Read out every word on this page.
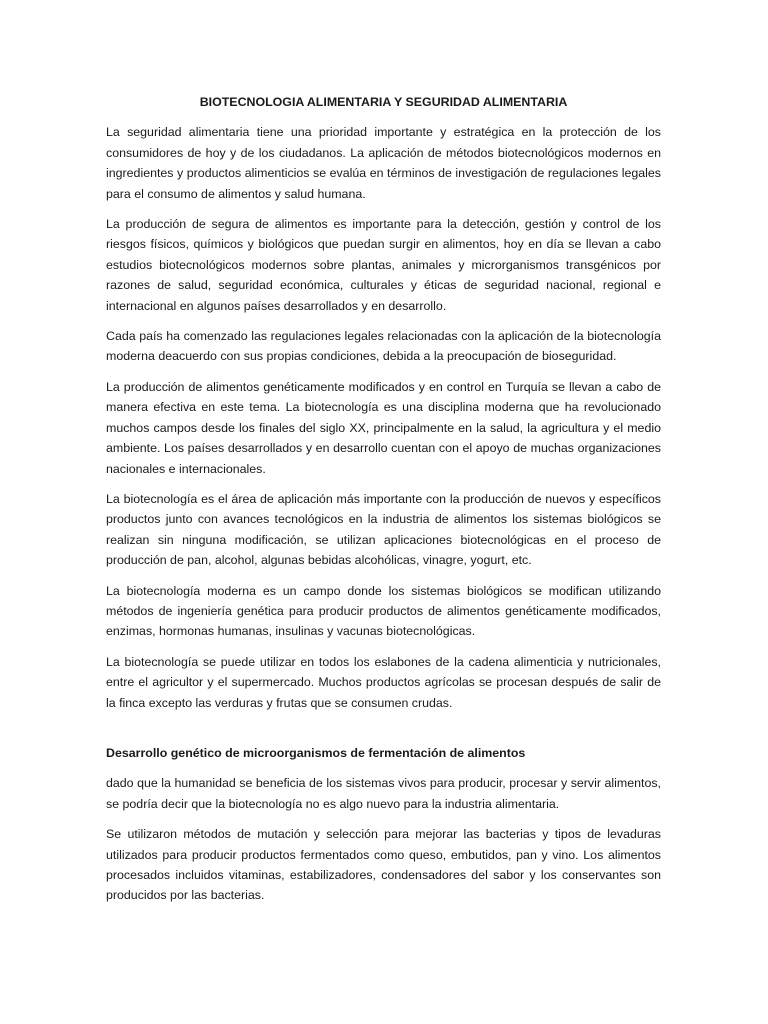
BIOTECNOLOGIA ALIMENTARIA Y SEGURIDAD ALIMENTARIA

La seguridad alimentaria tiene una prioridad importante y estratégica en la protección de los consumidores de hoy y de los ciudadanos. La aplicación de métodos biotecnológicos modernos en ingredientes y productos alimenticios se evalúa en términos de investigación de regulaciones legales para el consumo de alimentos y salud humana.

La producción de segura de alimentos es importante para la detección, gestión y control de los riesgos físicos, químicos y biológicos que puedan surgir en alimentos, hoy en día se llevan a cabo estudios biotecnológicos modernos sobre plantas, animales y microrganismos transgénicos por razones de salud, seguridad económica, culturales y éticas de seguridad nacional, regional e internacional en algunos países desarrollados y en desarrollo.

Cada país ha comenzado las regulaciones legales relacionadas con la aplicación de la biotecnología moderna deacuerdo con sus propias condiciones, debida a la preocupación de bioseguridad.

La producción de alimentos genéticamente modificados y en control en Turquía se llevan a cabo de manera efectiva en este tema. La biotecnología es una disciplina moderna que ha revolucionado muchos campos desde los finales del siglo XX, principalmente en la salud, la agricultura y el medio ambiente. Los países desarrollados y en desarrollo cuentan con el apoyo de muchas organizaciones nacionales e internacionales.

La biotecnología es el área de aplicación más importante con la producción de nuevos y específicos productos junto con avances tecnológicos en la industria de alimentos los sistemas biológicos se realizan sin ninguna modificación, se utilizan aplicaciones biotecnológicas en el proceso de producción de pan, alcohol, algunas bebidas alcohólicas, vinagre, yogurt, etc.

La biotecnología moderna es un campo donde los sistemas biológicos se modifican utilizando métodos de ingeniería genética para producir productos de alimentos genéticamente modificados, enzimas, hormonas humanas, insulinas y vacunas biotecnológicas.

La biotecnología se puede utilizar en todos los eslabones de la cadena alimenticia y nutricionales, entre el agricultor y el supermercado. Muchos productos agrícolas se procesan después de salir de la finca excepto las verduras y frutas que se consumen crudas.

Desarrollo genético de microorganismos de fermentación de alimentos

dado que la humanidad se beneficia de los sistemas vivos para producir, procesar y servir alimentos, se podría decir que la biotecnología no es algo nuevo para la industria alimentaria.

Se utilizaron métodos de mutación y selección para mejorar las bacterias y tipos de levaduras utilizados para producir productos fermentados como queso, embutidos, pan y vino. Los alimentos procesados incluidos vitaminas, estabilizadores, condensadores del sabor y los conservantes son producidos por las bacterias.
